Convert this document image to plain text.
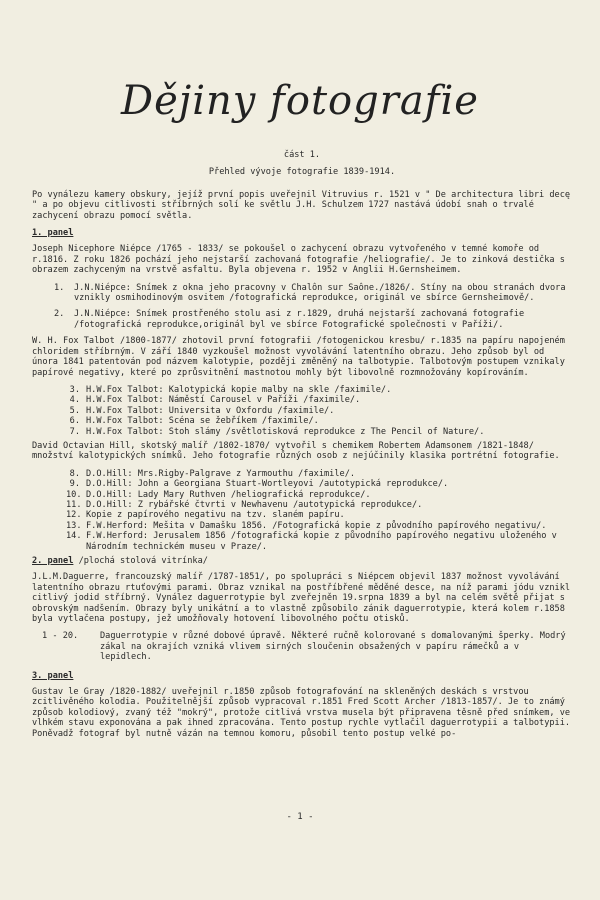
Dějiny fotografie

část 1.

Přehled vývoje fotografie 1839-1914.

Po vynálezu kamery obskury, jejíž první popis uveřejnil Vitruvius r. 1521 v " De architectura libri decę " a po objevu citlivosti stříbrných solí ke světlu J.H. Schulzem 1727 nastává údobí snah o trvalé zachycení obrazu pomocí světla.

1. panel

Joseph Nicephore Niépce /1765 - 1833/ se pokoušel o zachycení obrazu vytvořeného v temné komoře od r.1816. Z roku 1826 pochází jeho nejstarší zachovaná fotografie /heliografie/. Je to zinková destička s obrazem zachyceným na vrstvě asfaltu. Byla objevena r. 1952 v Anglii H.Gernsheimem.

1.	J.N.Niépce: Snímek z okna jeho pracovny v Chalôn sur Saône./1826/. Stíny na obou stranách dvora vznikly osmihodinovým osvitem /fotografická reprodukce, originál ve sbírce Gernsheimově/.
2.	J.N.Niépce: Snímek prostřeného stolu asi z r.1829, druhá nejstarší zachovaná fotografie /fotografická reprodukce,originál byl ve sbírce Fotografické společnosti v Paříži/.

W. H. Fox Talbot /1800-1877/ zhotovil první fotografii /fotogenickou kresbu/ r.1835 na papíru napojeném chloridem stříbrným. V září 1840 vyzkoušel možnost vyvolávání latentního obrazu. Jeho způsob byl od února 1841 patentován pod názvem kalotypie, později změněný na talbotypie. Talbotovým postupem vznikaly papírové negativy, které po zprůsvitnění mastnotou mohly být libovolně rozmnožovány kopírováním.

3. H.W.Fox Talbot: Kalotypická kopie malby na skle /faximile/.
4. H.W.Fox Talbot: Náměstí Carousel v Paříži /faximile/.
5. H.W.Fox Talbot: Universita v Oxfordu /faximile/.
6. H.W.Fox Talbot: Scéna se žebříkem /faximile/.
7. H.W.Fox Talbot: Stoh slámy /světlotisková reprodukce z The Pencil of Nature/.

David Octavian Hill, skotský malíř /1802-1870/ vytvořil s chemikem Robertem Adamsonem /1821-1848/ množství kalotypických snímků. Jeho fotografie různých osob z nejúčinily klasika portrétní fotografie.

8. D.O.Hill: Mrs.Rigby-Palgrave z Yarmouthu /faximile/.
9. D.O.Hill: John a Georgiana Stuart-Wortleyovi /autotypická reprodukce/.
10. D.O.Hill: Lady Mary Ruthven /heliografická reprodukce/.
11. D.O.Hill: Z rybářské čtvrti v Newhavenu /autotypická reprodukce/.
12. Kopie z papírového negativu na tzv. slaném papíru.
13. F.W.Herford: Mešita v Damašku 1856. /Fotografická kopie z původního papírového negativu/.
14. F.W.Herford: Jerusalem 1856 /fotografická kopie z původního papírového negativu uloženého v Národním technickém museu v Praze/.
2. panel /plochá stolová vitrínka/

J.L.M.Daguerre, francouzský malíř /1787-1851/, po spolupráci s Niépcem objevil 1837 možnost vyvolávání latentního obrazu rtuťovými parami. Obraz vznikal na postříbřené měděné desce, na níž parami jódu vznikl citlivý jodid stříbrný. Vynález daguerrotypie byl zveřejněn 19.srpna 1839 a byl na celém světě přijat s obrovským nadšením. Obrazy byly unikátní a to vlastně způsobilo zánik daguerrotypie, která kolem r.1858 byla vytlačena postupy, jež umožňovaly hotovení libovolného počtu otisků.

1 - 20.	Daguerrotypie v různé dobové úpravě. Některé ručně kolorované s domalovanými šperky. Modrý zákal na okrajích vzniká vlivem sirných sloučenin obsažených v papíru rámečků a v lepidlech.
3. panel

Gustav le Gray /1820-1882/ uveřejnil r.1850 způsob fotografování na skleněných deskách s vrstvou zcitlivěného kolodia. Použitelnější způsob vypracoval r.1851 Fred Scott Archer /1813-1857/. Je to známý způsob kolodiový, zvaný též "mokrý", protože citlivá vrstva musela být připravena těsně před snímkem, ve vlhkém stavu exponována a pak ihned zpracována. Tento postup rychle vytlačil daguerrotypii a talbotypii. Poněvadž fotograf byl nutně vázán na temnou komoru, působil tento postup velké po-

- 1 -
